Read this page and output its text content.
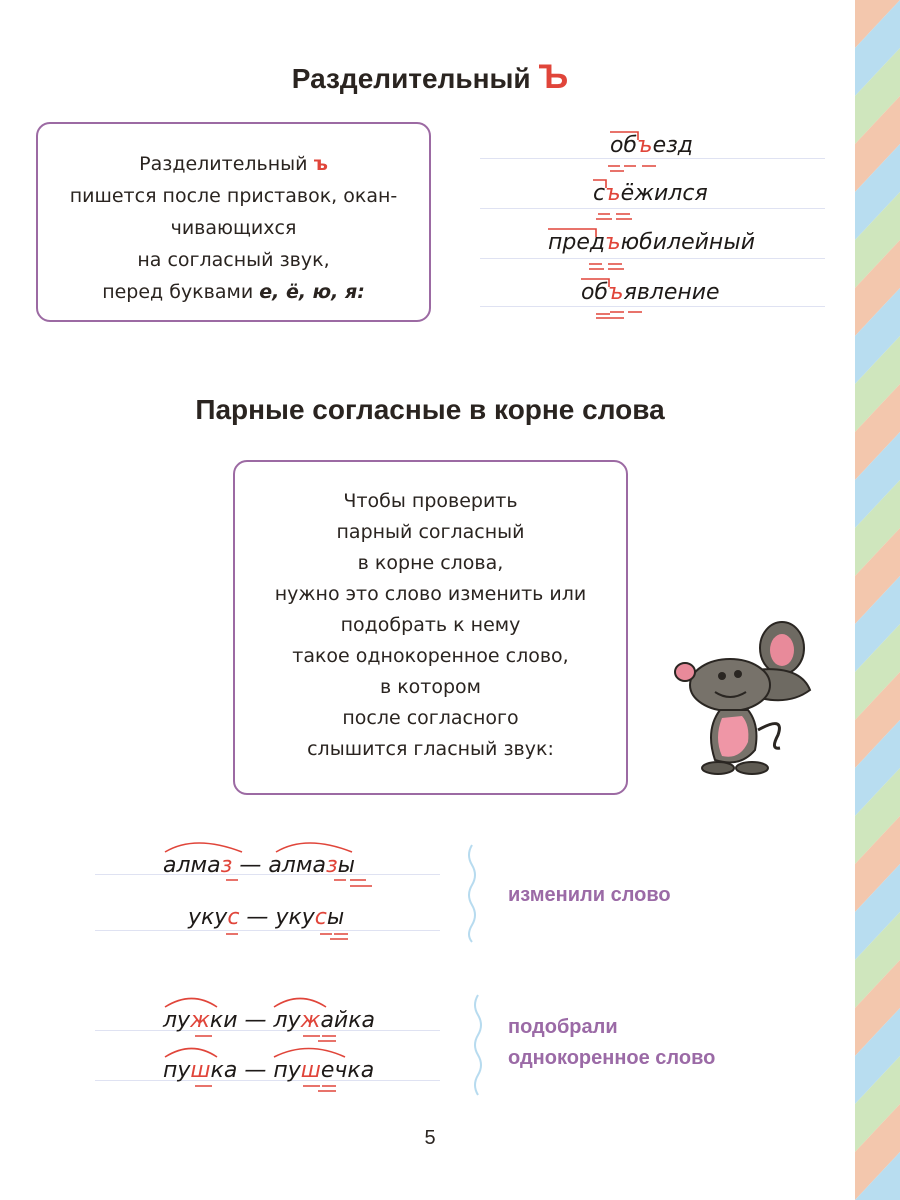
Разделительный Ъ
Разделительный ъ
пишется после приставок, окан-
чивающихся
на согласный звук,
перед буквами е, ё, ю, я:
объезд
съёжился
предъюбилейный
объявление
Парные согласные в корне слова
Чтобы проверить
парный согласный
в корне слова,
нужно это слово изменить или
подобрать к нему
такое однокоренное слово,
в котором
после согласного
слышится гласный звук:
алмаз — алмазы
укус — укусы
лужки — лужайка
пушка — пушечка
изменили слово
подобрали
однокоренное слово
5
